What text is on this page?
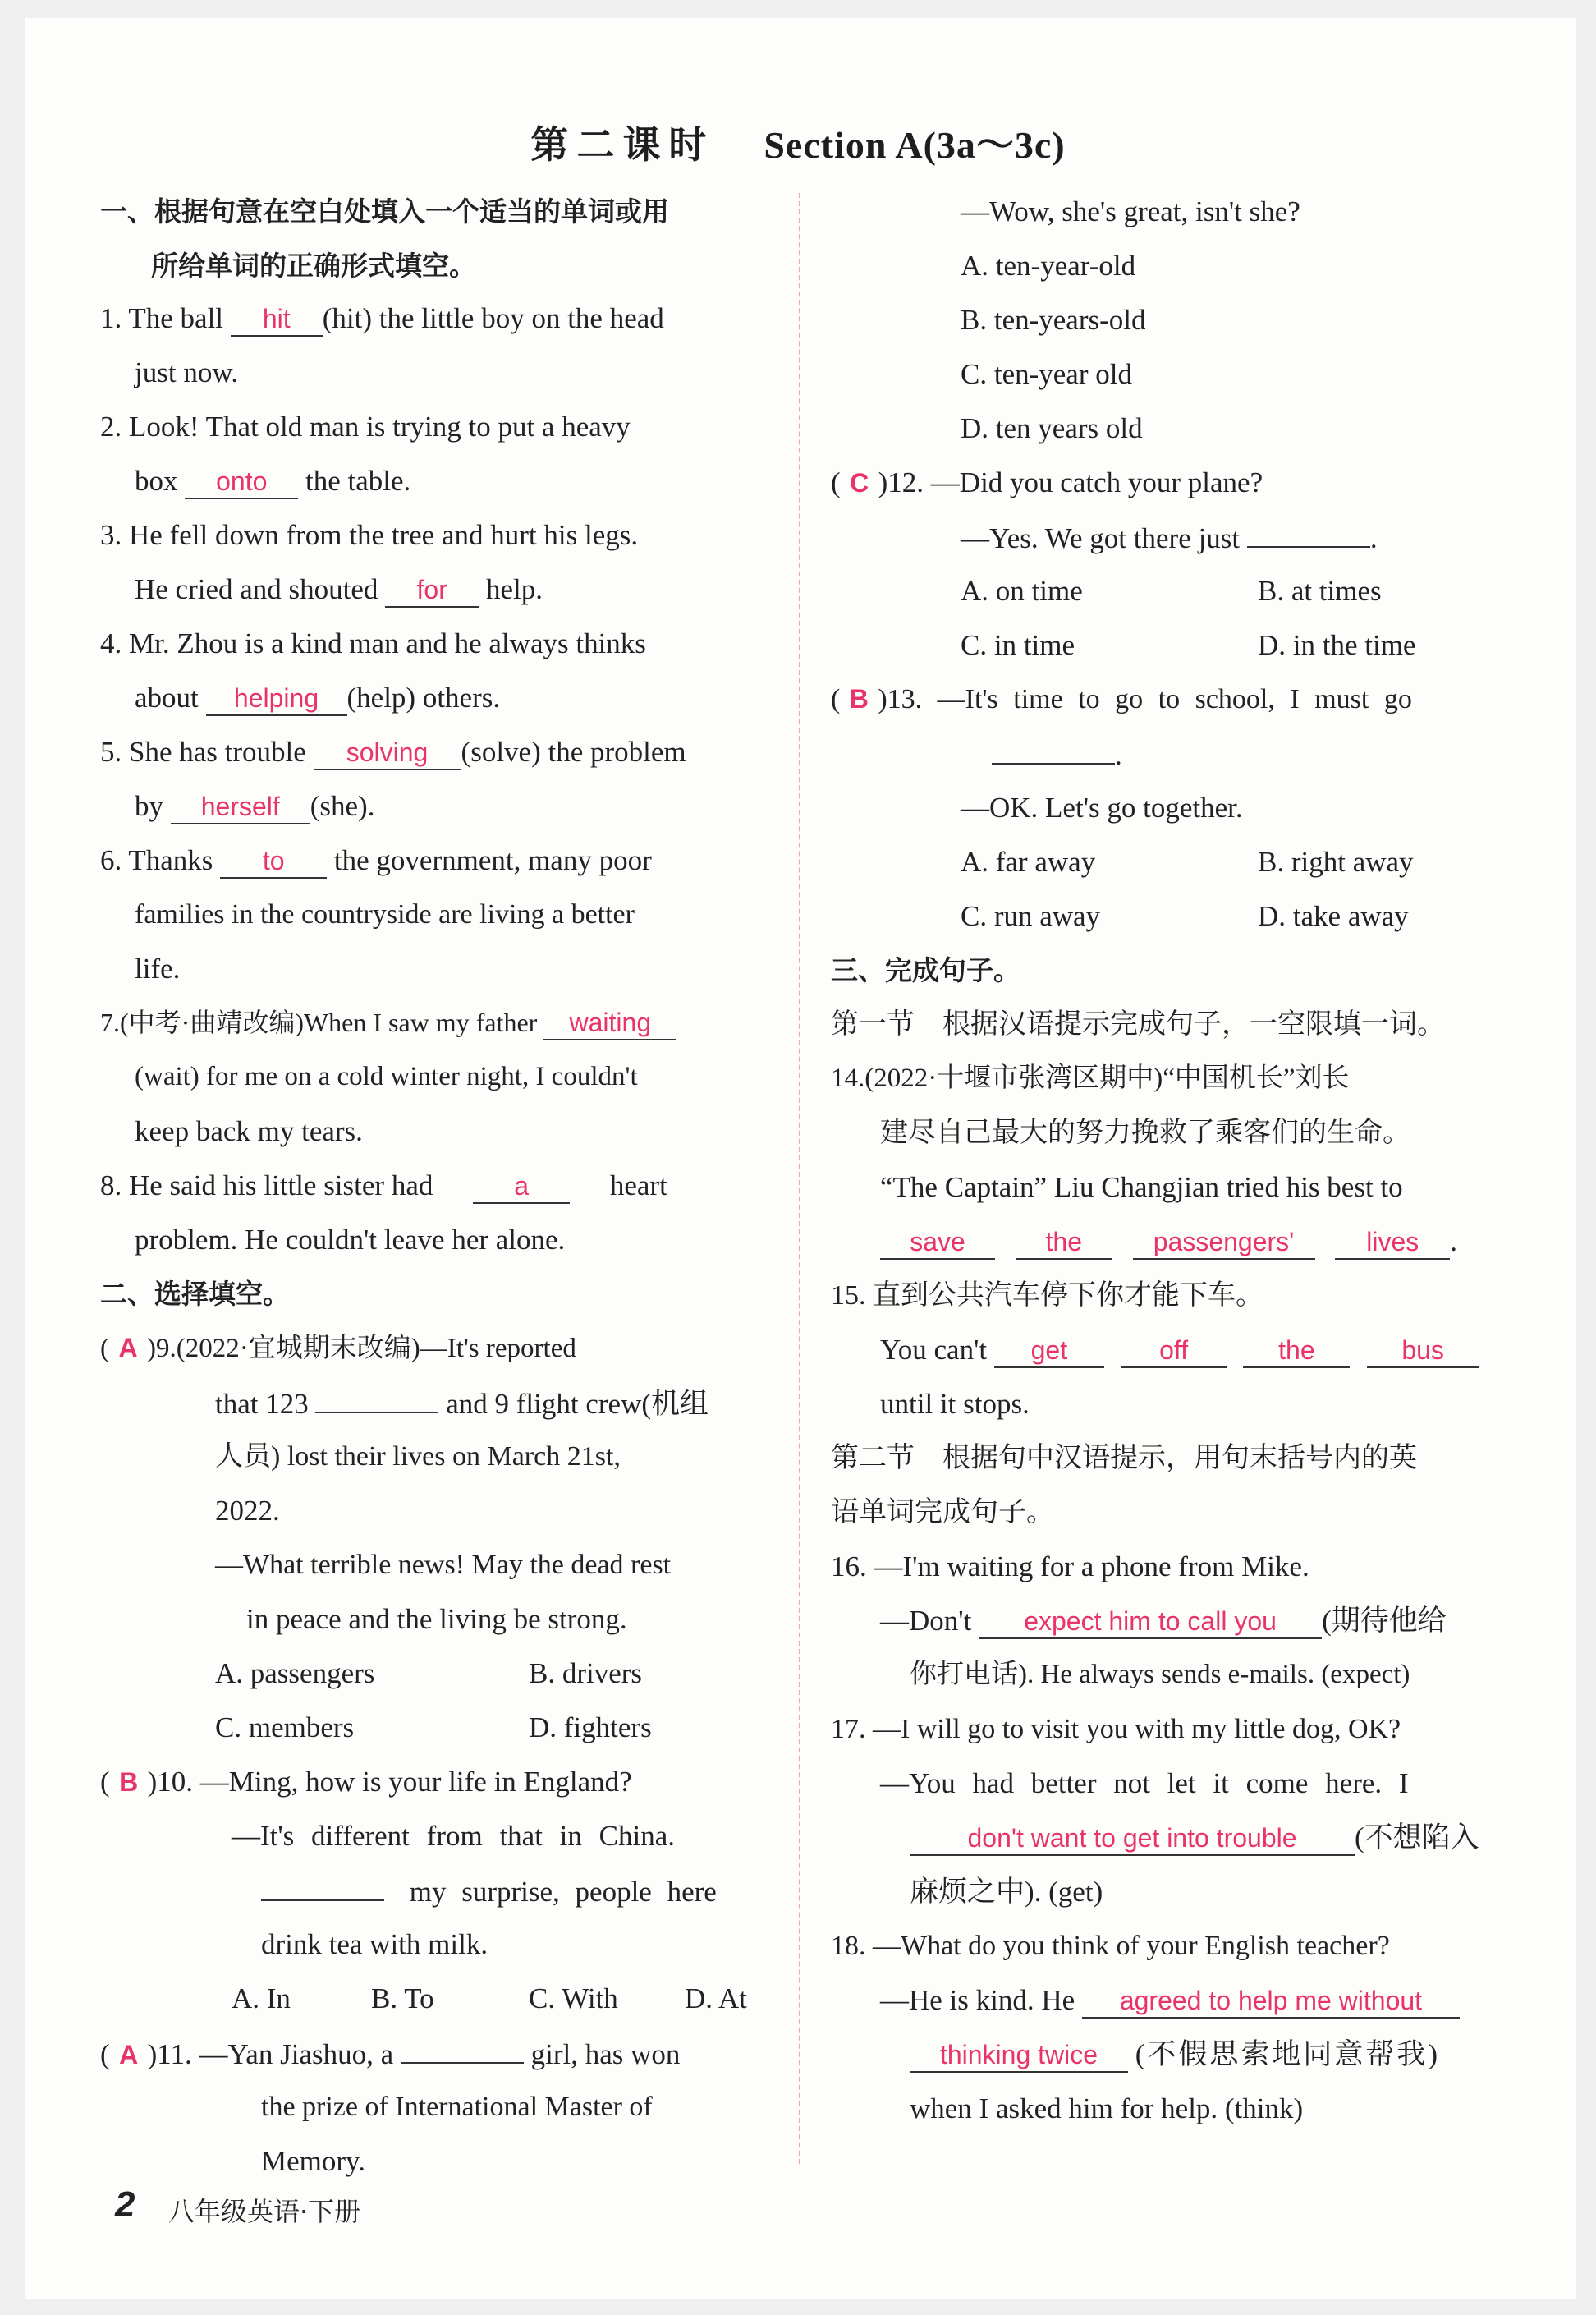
第二课时 Section A(3a～3c)
一、根据句意在空白处填入一个适当的单词或用
所给单词的正确形式填空。
1. The ball hit (hit) the little boy on the head
just now.
2. Look! That old man is trying to put a heavy
box onto the table.
3. He fell down from the tree and hurt his legs.
He cried and shouted for help.
4. Mr. Zhou is a kind man and he always thinks
about helping (help) others.
5. She has trouble solving (solve) the problem
by herself (she).
6. Thanks to the government, many poor
families in the countryside are living a better
life.
7.(中考·曲靖改编)When I saw my father waiting
(wait) for me on a cold winter night, I couldn't
keep back my tears.
8. He said his little sister had	a	heart
problem. He couldn't leave her alone.
二、选择填空。
( A )9.(2022·宜城期末改编)—It's reported
that 123	and 9 flight crew(机组
人员) lost their lives on March 21st,
2022.
—What terrible news! May the dead rest
in peace and the living be strong.
A. passengers	B. drivers
C. members	D. fighters
( B )10. —Ming, how is your life in England?
—It's different from that in China.
my surprise, people here
drink tea with milk.
A. In	B. To	C. With D. At
( A )11. —Yan Jiashuo, a	girl, has won
the prize of International Master of
Memory.
—Wow, she's great, isn't she?
A. ten-year-old
B. ten-years-old
C. ten-year old
D. ten years old
( C )12. —Did you catch your plane?
—Yes. We got there just	.
A. on time	B. at times
C. in time	D. in the time
( B )13. —It's time to go to school, I must go
.
—OK. Let's go together.
A. far away	B. right away
C. run away	D. take away
三、完成句子。
第一节　根据汉语提示完成句子，一空限填一词。
14.(2022·十堰市张湾区期中)“中国机长”刘长
建尽自己最大的努力挽救了乘客们的生命。
“The Captain” Liu Changjian tried his best to
save	the	passengers'	lives .
15. 直到公共汽车停下你才能下车。
You can't get	off	the	bus
until it stops.
第二节　根据句中汉语提示，用句末括号内的英
语单词完成句子。
16. —I'm waiting for a phone from Mike.
—Don't expect him to call you (期待他给
你打电话). He always sends e-mails. (expect)
17. —I will go to visit you with my little dog, OK?
—You had better not let it come here. I
don't want to get into trouble (不想陷入
麻烦之中). (get)
18. —What do you think of your English teacher?
—He is kind. He agreed to help me without
thinking twice (不假思索地同意帮我)
when I asked him for help. (think)
2 八年级英语·下册
